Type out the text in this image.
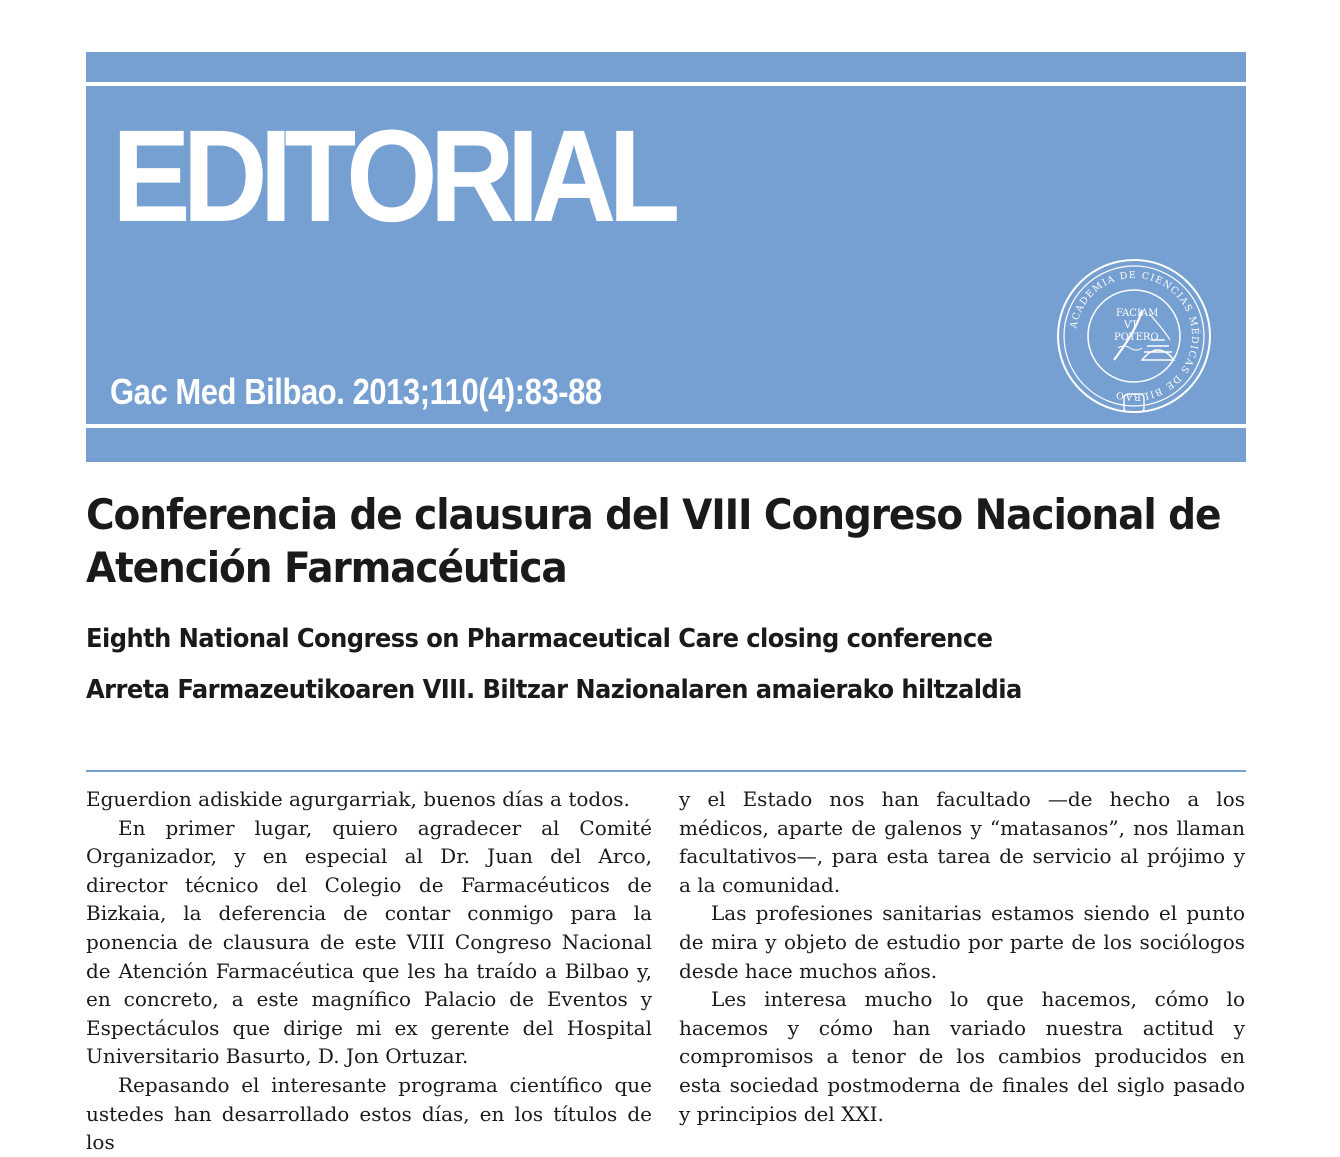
EDITORIAL
ACADEMIA DE CIENCIAS MÉDICAS DE BILBAO
FACIAM
VT
POTERO
Gac Med Bilbao. 2013;110(4):83-88
Conferencia de clausura del VIII Congreso Nacional de Atención Farmacéutica
Eighth National Congress on Pharmaceutical Care closing conference
Arreta Farmazeutikoaren VIII. Biltzar Nazionalaren amaierako hiltzaldia

Eguerdion adiskide agurgarriak, buenos días a todos.

En primer lugar, quiero agradecer al Comité Organizador, y en especial al Dr. Juan del Arco, director técnico del Colegio de Farmacéuticos de Bizkaia, la deferencia de contar conmigo para la ponencia de clausura de este VIII Congreso Nacional de Atención Farmacéutica que les ha traído a Bilbao y, en concreto, a este magnífico Palacio de Eventos y Espectáculos que dirige mi ex gerente del Hospital Universitario Basurto, D. Jon Ortuzar.

Repasando el interesante programa científico que ustedes han desarrollado estos días, en los títulos de los

y el Estado nos han facultado —de hecho a los médicos, aparte de galenos y “matasanos”, nos llaman facultativos—, para esta tarea de servicio al prójimo y a la comunidad.

Las profesiones sanitarias estamos siendo el punto de mira y objeto de estudio por parte de los sociólogos desde hace muchos años.

Les interesa mucho lo que hacemos, cómo lo hacemos y cómo han variado nuestra actitud y compromisos a tenor de los cambios producidos en esta sociedad postmoderna de finales del siglo pasado y principios del XXI.
